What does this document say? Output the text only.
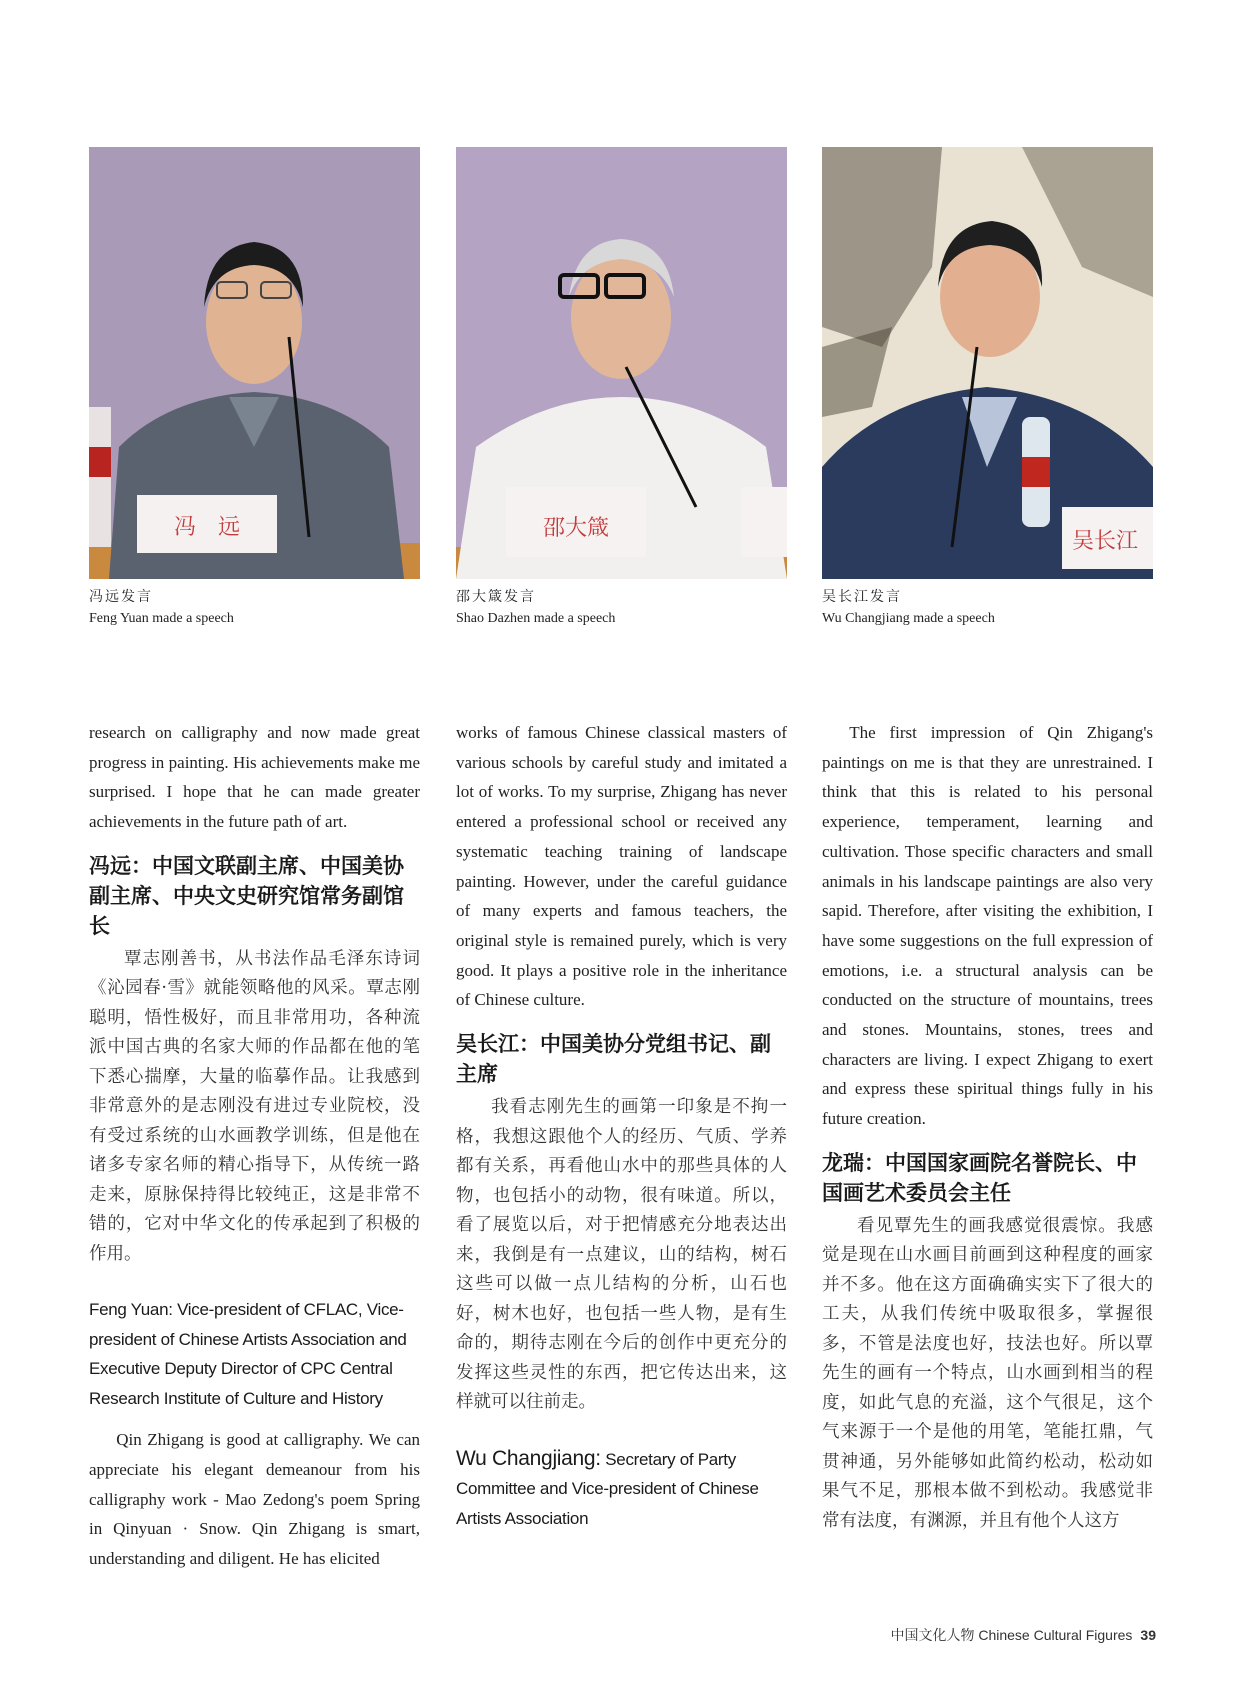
冯　远	邵大箴
吴长江
冯远发言
Feng Yuan made a speech
邵大箴发言
Shao Dazhen made a speech
吴长江发言
Wu Changjiang made a speech

research on calligraphy and now made great progress in painting. His achievements make me surprised. I hope that he can made greater achievements in the future path of art.

冯远：中国文联副主席、中国美协副主席、中央文史研究馆常务副馆长

覃志刚善书，从书法作品毛泽东诗词《沁园春·雪》就能领略他的风采。覃志刚聪明，悟性极好，而且非常用功，各种流派中国古典的名家大师的作品都在他的笔下悉心揣摩，大量的临摹作品。让我感到非常意外的是志刚没有进过专业院校，没有受过系统的山水画教学训练，但是他在诸多专家名师的精心指导下，从传统一路走来，原脉保持得比较纯正，这是非常不错的，它对中华文化的传承起到了积极的作用。

Feng Yuan: Vice-president of CFLAC, Vice-president of Chinese Artists Association and Executive Deputy Director of CPC Central Research Institute of Culture and History

Qin Zhigang is good at calligraphy. We can appreciate his elegant demeanour from his calligraphy work - Mao Zedong's poem Spring in Qinyuan · Snow. Qin Zhigang is smart, understanding and diligent. He has elicited

works of famous Chinese classical masters of various schools by careful study and imitated a lot of works. To my surprise, Zhigang has never entered a professional school or received any systematic teaching training of landscape painting. However, under the careful guidance of many experts and famous teachers, the original style is remained purely, which is very good. It plays a positive role in the inheritance of Chinese culture.

吴长江：中国美协分党组书记、副主席

我看志刚先生的画第一印象是不拘一格，我想这跟他个人的经历、气质、学养都有关系，再看他山水中的那些具体的人物，也包括小的动物，很有味道。所以，看了展览以后，对于把情感充分地表达出来，我倒是有一点建议，山的结构，树石这些可以做一点儿结构的分析，山石也好，树木也好，也包括一些人物，是有生命的，期待志刚在今后的创作中更充分的发挥这些灵性的东西，把它传达出来，这样就可以往前走。

Wu Changjiang: Secretary of Party Committee and Vice-president of Chinese Artists Association

The first impression of Qin Zhigang's paintings on me is that they are unrestrained. I think that this is related to his personal experience, temperament, learning and cultivation. Those specific characters and small animals in his landscape paintings are also very sapid. Therefore, after visiting the exhibition, I have some suggestions on the full expression of emotions, i.e. a structural analysis can be conducted on the structure of mountains, trees and stones. Mountains, stones, trees and characters are living. I expect Zhigang to exert and express these spiritual things fully in his future creation.

龙瑞：中国国家画院名誉院长、中国画艺术委员会主任

看见覃先生的画我感觉很震惊。我感觉是现在山水画目前画到这种程度的画家并不多。他在这方面确确实实下了很大的工夫，从我们传统中吸取很多，掌握很多，不管是法度也好，技法也好。所以覃先生的画有一个特点，山水画到相当的程度，如此气息的充溢，这个气很足，这个气来源于一个是他的用笔，笔能扛鼎，气贯神通，另外能够如此简约松动，松动如果气不足，那根本做不到松动。我感觉非常有法度，有渊源，并且有他个人这方

中国文化人物 Chinese Cultural Figures 39
